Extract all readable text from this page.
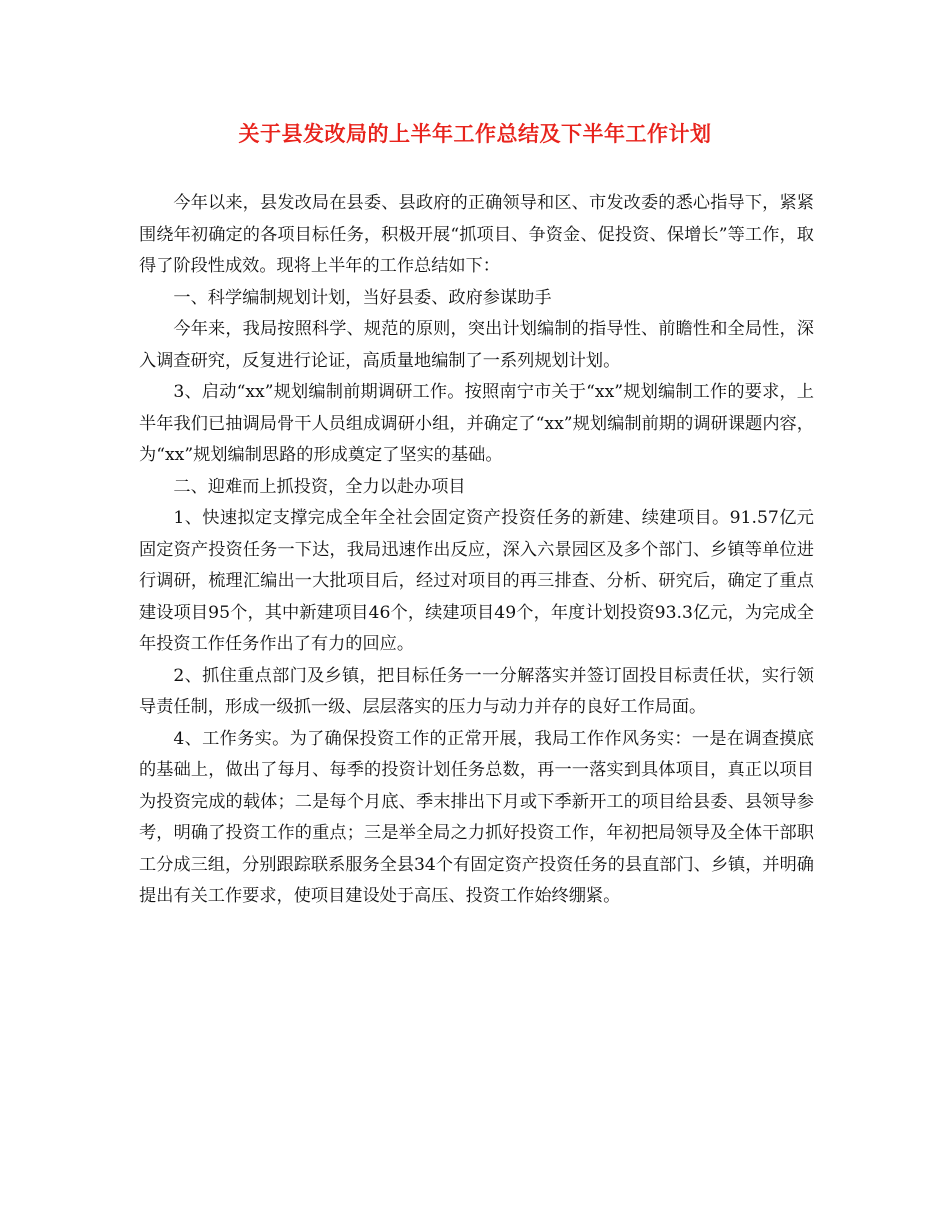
关于县发改局的上半年工作总结及下半年工作计划

今年以来，县发改局在县委、县政府的正确领导和区、市发改委的悉心指导下，紧紧围绕年初确定的各项目标任务，积极开展“抓项目、争资金、促投资、保增长”等工作，取得了阶段性成效。现将上半年的工作总结如下：

一、科学编制规划计划，当好县委、政府参谋助手

今年来，我局按照科学、规范的原则，突出计划编制的指导性、前瞻性和全局性，深入调查研究，反复进行论证，高质量地编制了一系列规划计划。

3、启动“xx”规划编制前期调研工作。按照南宁市关于“xx”规划编制工作的要求，上半年我们已抽调局骨干人员组成调研小组，并确定了“xx”规划编制前期的调研课题内容，为“xx”规划编制思路的形成奠定了坚实的基础。

二、迎难而上抓投资，全力以赴办项目

1、快速拟定支撑完成全年全社会固定资产投资任务的新建、续建项目。91.57亿元固定资产投资任务一下达，我局迅速作出反应，深入六景园区及多个部门、乡镇等单位进行调研，梳理汇编出一大批项目后，经过对项目的再三排查、分析、研究后，确定了重点建设项目95个，其中新建项目46个，续建项目49个，年度计划投资93.3亿元，为完成全年投资工作任务作出了有力的回应。

2、抓住重点部门及乡镇，把目标任务一一分解落实并签订固投目标责任状，实行领导责任制，形成一级抓一级、层层落实的压力与动力并存的良好工作局面。

4、工作务实。为了确保投资工作的正常开展，我局工作作风务实：一是在调查摸底的基础上，做出了每月、每季的投资计划任务总数，再一一落实到具体项目，真正以项目为投资完成的载体；二是每个月底、季末排出下月或下季新开工的项目给县委、县领导参考，明确了投资工作的重点；三是举全局之力抓好投资工作，年初把局领导及全体干部职工分成三组，分别跟踪联系服务全县34个有固定资产投资任务的县直部门、乡镇，并明确提出有关工作要求，使项目建设处于高压、投资工作始终绷紧。
